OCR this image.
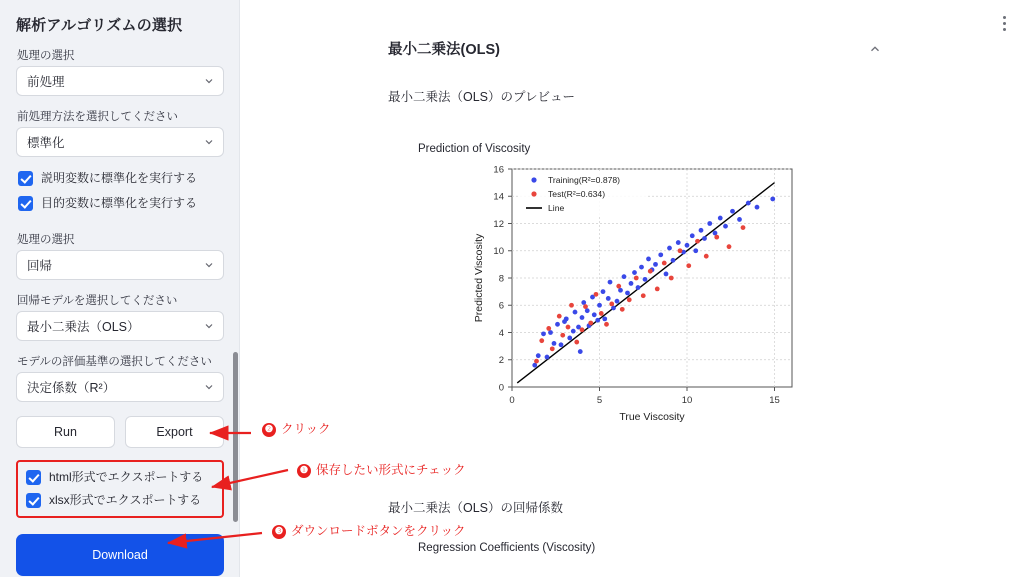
解析アルゴリズムの選択
処理の選択
前処理
前処理方法を選択してください
標準化
説明変数に標準化を実行する
目的変数に標準化を実行する
処理の選択
回帰
回帰モデルを選択してください
最小二乗法（OLS）
モデルの評価基準の選択してください
決定係数（R²）
Run	Export
html形式でエクスポートする
xlsx形式でエクスポートする
Download
最小二乗法(OLS)
最小二乗法（OLS）のプレビュー
Prediction of Viscosity
0	5	10	15
0
2
4
6
8
10
12
14
16
True Viscosity
Predicted Viscosity
Training(R²=0.878)
Test(R²=0.634)
Line
最小二乗法（OLS）の回帰係数
Regression Coefficients (Viscosity)
❷ クリック
❶ 保存したい形式にチェック
❸ ダウンロードボタンをクリック
